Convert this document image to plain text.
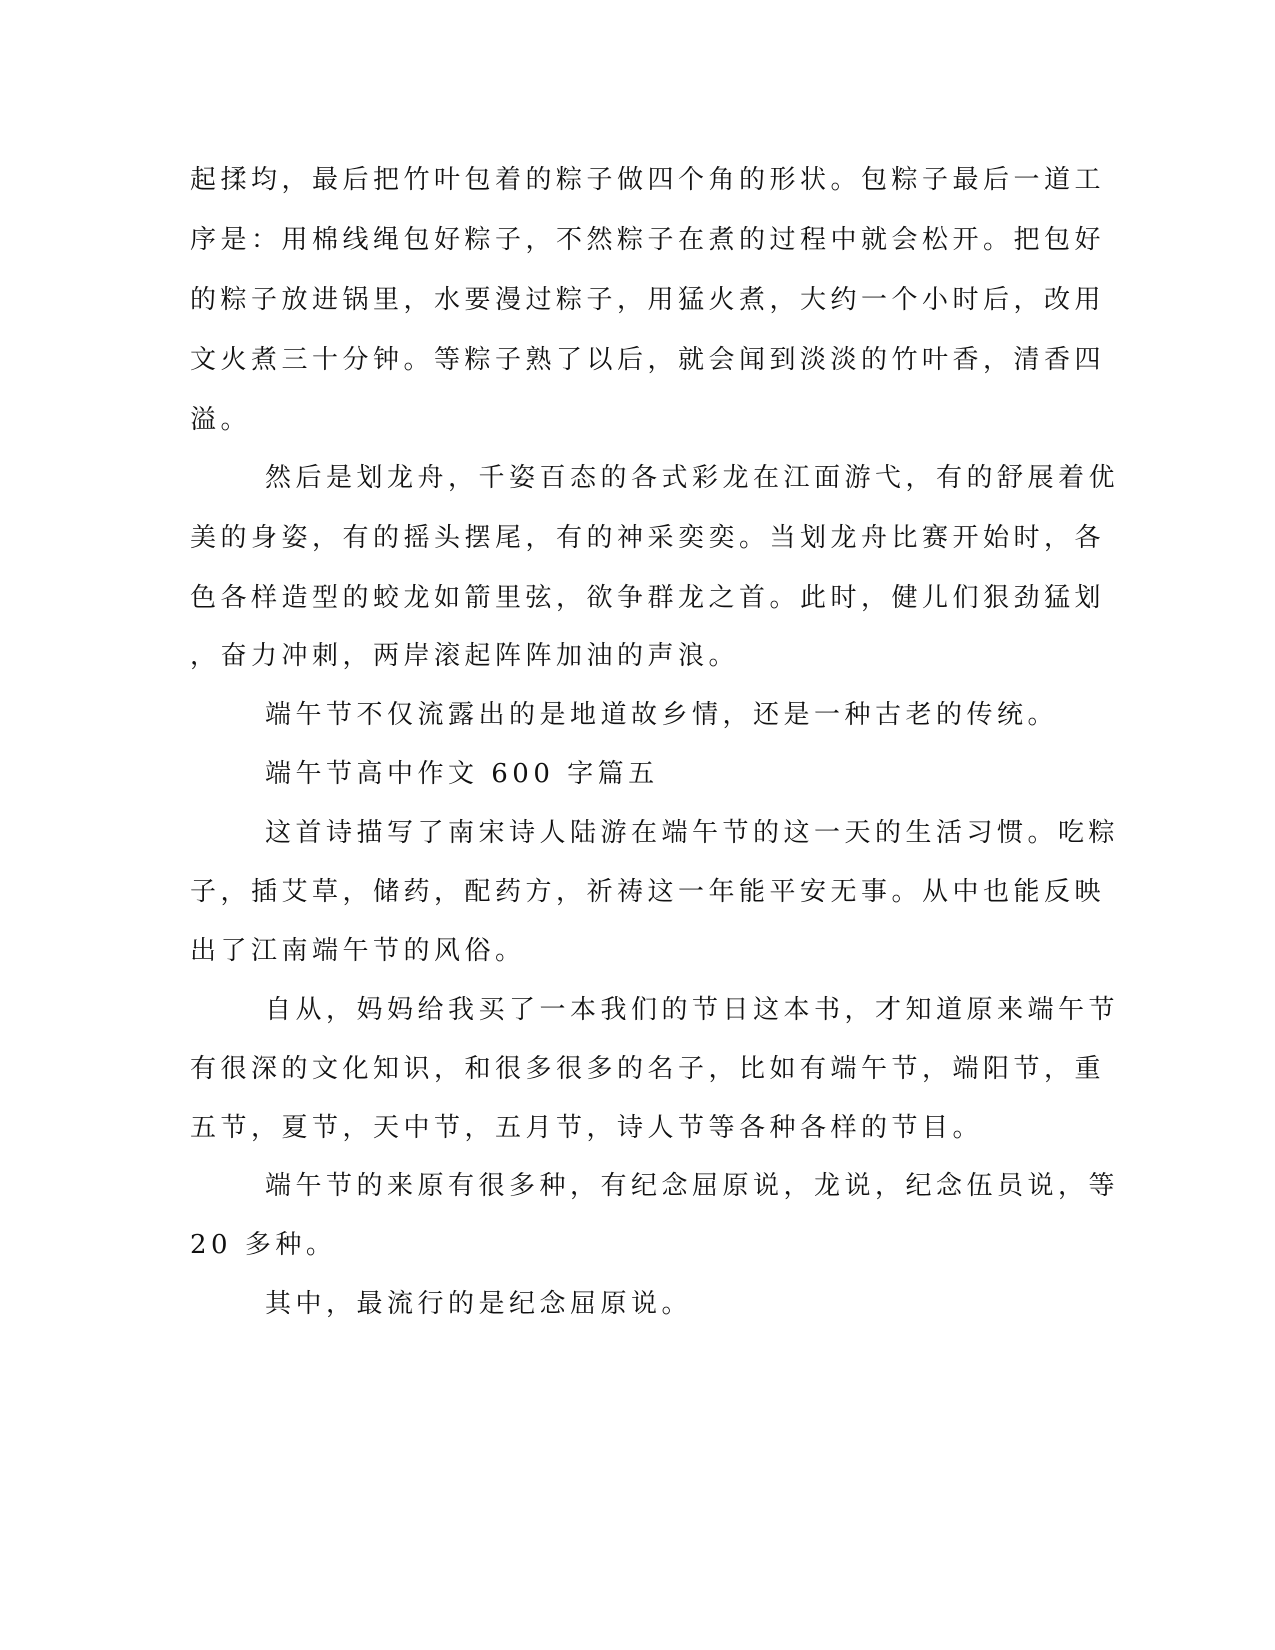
起揉均，最后把竹叶包着的粽子做四个角的形状。包粽子最后一道工
序是：用棉线绳包好粽子，不然粽子在煮的过程中就会松开。把包好
的粽子放进锅里，水要漫过粽子，用猛火煮，大约一个小时后，改用
文火煮三十分钟。等粽子熟了以后，就会闻到淡淡的竹叶香，清香四
溢。
然后是划龙舟，千姿百态的各式彩龙在江面游弋，有的舒展着优
美的身姿，有的摇头摆尾，有的神采奕奕。当划龙舟比赛开始时，各
色各样造型的蛟龙如箭里弦，欲争群龙之首。此时，健儿们狠劲猛划
，奋力冲刺，两岸滚起阵阵加油的声浪。
端午节不仅流露出的是地道故乡情，还是一种古老的传统。
端午节高中作文 600 字篇五
这首诗描写了南宋诗人陆游在端午节的这一天的生活习惯。吃粽
子，插艾草，储药，配药方，祈祷这一年能平安无事。从中也能反映
出了江南端午节的风俗。
自从，妈妈给我买了一本我们的节日这本书，才知道原来端午节
有很深的文化知识，和很多很多的名子，比如有端午节，端阳节，重
五节，夏节，天中节，五月节，诗人节等各种各样的节目。
端午节的来原有很多种，有纪念屈原说，龙说，纪念伍员说，等
20 多种。
其中，最流行的是纪念屈原说。
